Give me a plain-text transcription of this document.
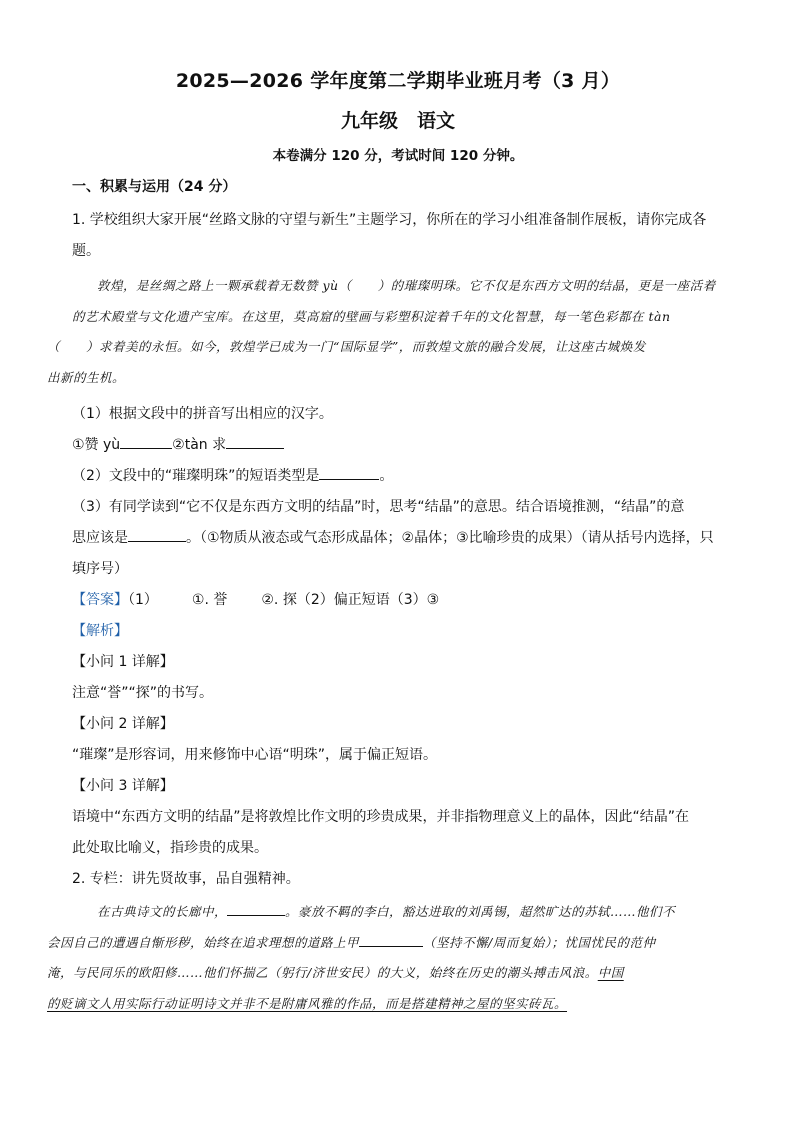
2025—2026 学年度第二学期毕业班月考（3 月）
九年级　语文
本卷满分 120 分，考试时间 120 分钟。
一、积累与运用（24 分）

1. 学校组织大家开展“丝路文脉的守望与新生”主题学习，你所在的学习小组准备制作展板，请你完成各

题。

敦煌，是丝绸之路上一颗承载着无数赞 yù（ ）的璀璨明珠。它不仅是东西方文明的结晶，更是一座活着的艺术殿堂与文化遗产宝库。在这里，莫高窟的壁画与彩塑积淀着千年的文化智慧，每一笔色彩都在 tàn
（ ）求着美的永恒。如今，敦煌学已成为一门“国际显学”，而敦煌文旅的融合发展，让这座古城焕发
出新的生机。

（1）根据文段中的拼音写出相应的汉字。

①赞 yù	②tàn 求

（2）文段中的“璀璨明珠”的短语类型是	。

（3）有同学读到“它不仅是东西方文明的结晶”时，思考“结晶”的意思。结合语境推测，“结晶”的意

思应该是	。（①物质从液态或气态形成晶体；②晶体；③比喻珍贵的成果）（请从括号内选择，只

填序号）

【答案】（1） ①. 誉 ②. 探（2）偏正短语（3）③

【解析】

【小问 1 详解】

注意“誉”“探”的书写。

【小问 2 详解】

“璀璨”是形容词，用来修饰中心语“明珠”，属于偏正短语。

【小问 3 详解】

语境中“东西方文明的结晶”是将敦煌比作文明的珍贵成果，并非指物理意义上的晶体，因此“结晶”在

此处取比喻义，指珍贵的成果。

2. 专栏：讲先贤故事，品自强精神。

在古典诗文的长廊中，	。豪放不羁的李白，豁达进取的刘禹锡，超然旷达的苏轼……他们不
会因自己的遭遇自惭形秽，始终在追求理想的道路上甲	（坚持不懈/周而复始）；忧国忧民的范仲
淹，与民同乐的欧阳修……他们怀揣乙（躬行/济世安民）的大义，始终在历史的潮头搏击风浪。中国
的贬谪文人用实际行动证明诗文并非不是附庸风雅的作品，而是搭建精神之屋的坚实砖瓦。
